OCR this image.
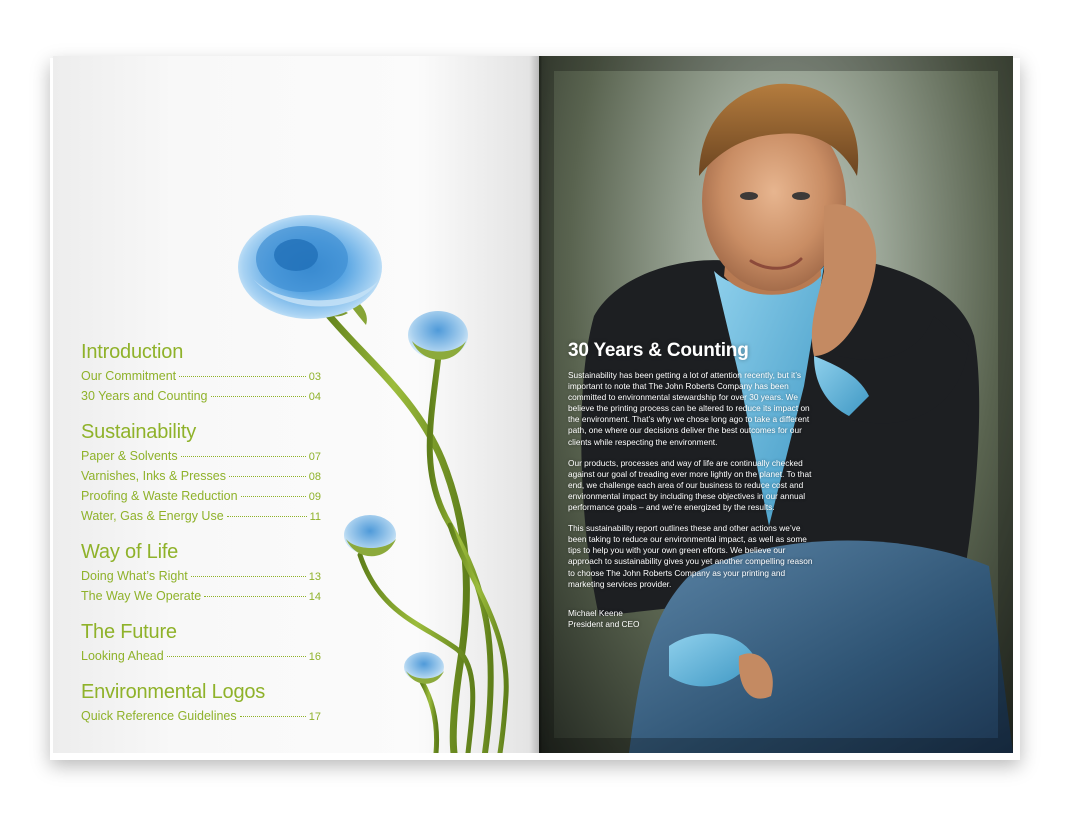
Introduction
Our Commitment	03
30 Years and Counting	04
Sustainability
Paper & Solvents	07
Varnishes, Inks & Presses	08
Proofing & Waste Reduction	09
Water, Gas & Energy Use	11
Way of Life
Doing What’s Right	13
The Way We Operate	14
The Future
Looking Ahead	16
Environmental Logos
Quick Reference Guidelines	17
30 Years & Counting

Sustainability has been getting a lot of attention recently, but it’s important to note that The John Roberts Company has been committed to environmental stewardship for over 30 years. We believe the printing process can be altered to reduce its impact on the environment. That’s why we chose long ago to take a different path, one where our decisions deliver the best outcomes for our clients while respecting the environment.

Our products, processes and way of life are continually checked against our goal of treading ever more lightly on the planet. To that end, we challenge each area of our business to reduce cost and environmental impact by including these objectives in our annual performance goals – and we’re energized by the results.

This sustainability report outlines these and other actions we’ve been taking to reduce our environmental impact, as well as some tips to help you with your own green efforts. We believe our approach to sustainability gives you yet another compelling reason to choose The John Roberts Company as your printing and marketing services provider.

Michael Keene
President and CEO
